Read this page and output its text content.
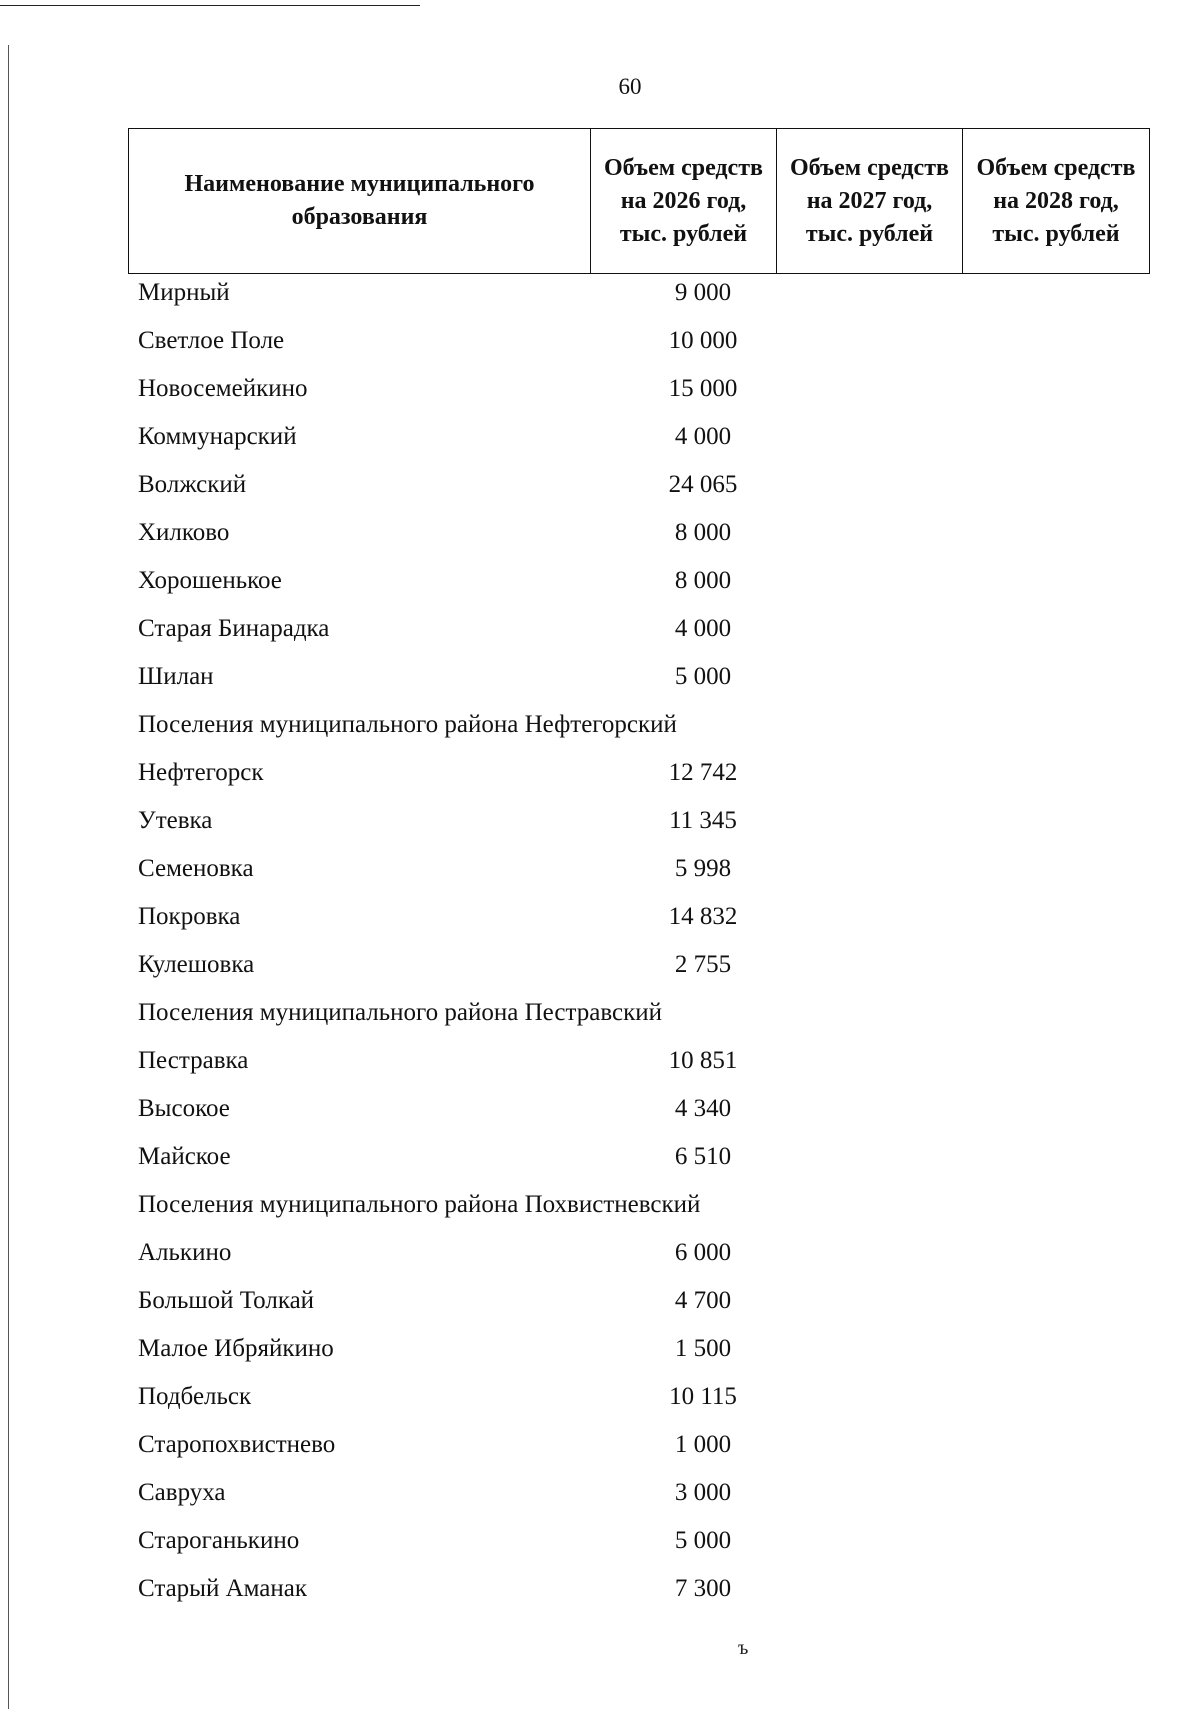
60
Наименование муниципального образования	Объем средств на 2026 год, тыс. рублей	Объем средств на 2027 год, тыс. рублей	Объем средств на 2028 год, тыс. рублей
Мирный	9 000	
Светлое Поле	10 000	
Новосемейкино	15 000	
Коммунарский	4 000	
Волжский	24 065	
Хилково	8 000	
Хорошенькое	8 000	
Старая Бинарадка	4 000	
Шилан	5 000	
Поселения муниципального района Нефтегорский		
Нефтегорск	12 742	
Утевка	11 345	
Семеновка	5 998	
Покровка	14 832	
Кулешовка	2 755	
Поселения муниципального района Пестравский		
Пестравка	10 851	
Высокое	4 340	
Майское	6 510	
Поселения муниципального района Похвистневский		
Алькино	6 000	
Большой Толкай	4 700	
Малое Ибряйкино	1 500	
Подбельск	10 115	
Старопохвистнево	1 000	
Савруха	3 000	
Староганькино	5 000	
Старый Аманак	7 300	
ъ
